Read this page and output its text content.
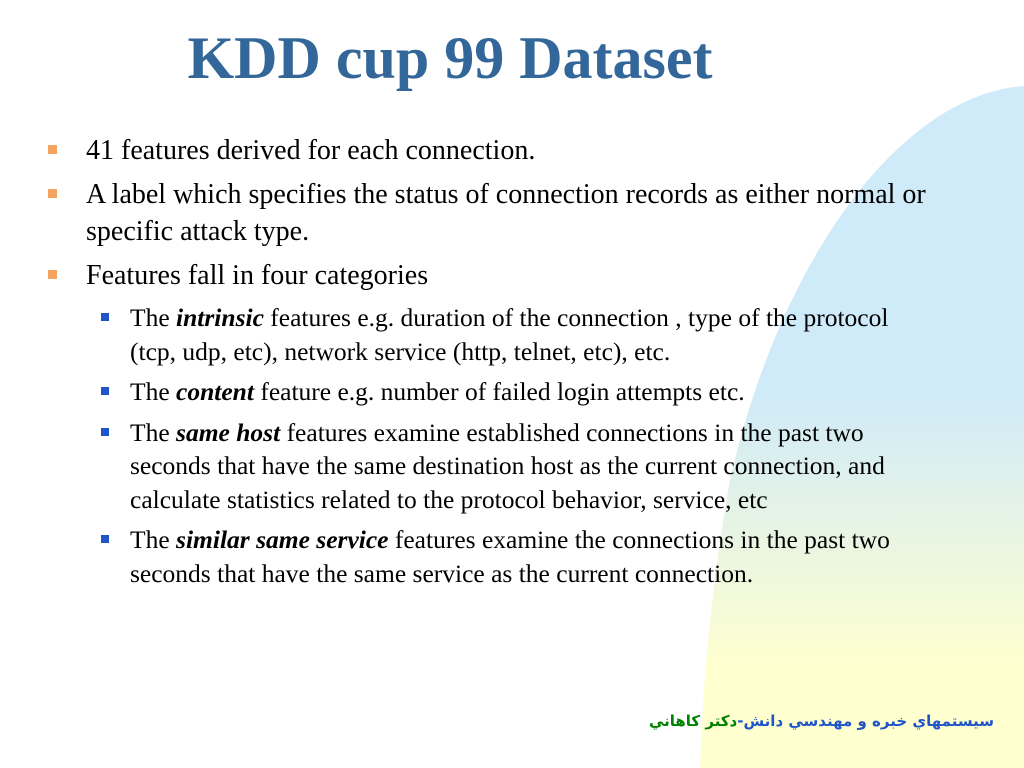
KDD cup 99 Dataset
41 features derived for each connection.
A label which specifies the status of connection records as either normal or specific attack type.
Features fall in four categories
The intrinsic features e.g. duration of the connection , type of the protocol (tcp, udp, etc), network service (http, telnet, etc), etc.
The content feature e.g. number of failed login attempts etc.
The same host features examine established connections in the past two seconds that have the same destination host as the current connection, and calculate statistics related to the protocol behavior, service, etc
The similar same service features examine the connections in the past two seconds that have the same service as the current connection.
سيستمهاي خبره و مهندسي دانش-دكتر كاهاني
